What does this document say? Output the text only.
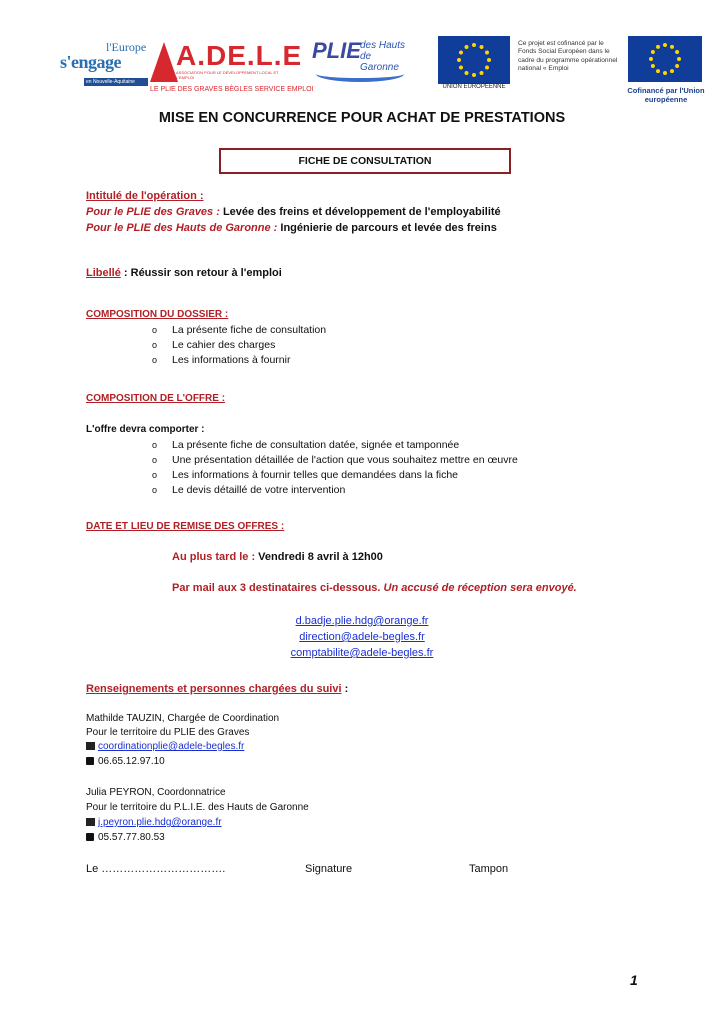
l'Europe
s'engage
en Nouvelle-Aquitaine
A.DE.L.E
ASSOCIATION POUR LE DÉVELOPPEMENT LOCAL ET L'EMPLOI
LE PLIE DES GRAVES BÈGLES SERVICE EMPLOI
PLIE des Hauts de Garonne
UNION EUROPÉENNE
Ce projet est cofinancé par le Fonds Social Européen dans le cadre du programme opérationnel national « Emploi
Cofinancé par l'Union européenne
MISE EN CONCURRENCE POUR ACHAT DE PRESTATIONS
FICHE DE CONSULTATION
Intitulé de l'opération :
Pour le PLIE des Graves : Levée des freins et développement de l'employabilité
Pour le PLIE des Hauts de Garonne : Ingénierie de parcours et levée des freins
Libellé : Réussir son retour à l'emploi
COMPOSITION DU DOSSIER :
o La présente fiche de consultation
o Le cahier des charges
o Les informations à fournir
COMPOSITION DE L'OFFRE :
L'offre devra comporter :
o La présente fiche de consultation datée, signée et tamponnée
o Une présentation détaillée de l'action que vous souhaitez mettre en œuvre
o Les informations à fournir telles que demandées dans la fiche
o Le devis détaillé de votre intervention
DATE ET LIEU DE REMISE DES OFFRES :
Au plus tard le : Vendredi 8 avril à 12h00
Par mail aux 3 destinataires ci-dessous. Un accusé de réception sera envoyé.
d.badje.plie.hdg@orange.fr
direction@adele-begles.fr
comptabilite@adele-begles.fr
Renseignements et personnes chargées du suivi :
Mathilde TAUZIN, Chargée de Coordination
Pour le territoire du PLIE des Graves
coordinationplie@adele-begles.fr
06.65.12.97.10
Julia PEYRON, Coordonnatrice
Pour le territoire du P.L.I.E. des Hauts de Garonne
j.peyron.plie.hdg@orange.fr
05.57.77.80.53
Le …………………………….	Signature	Tampon
1
